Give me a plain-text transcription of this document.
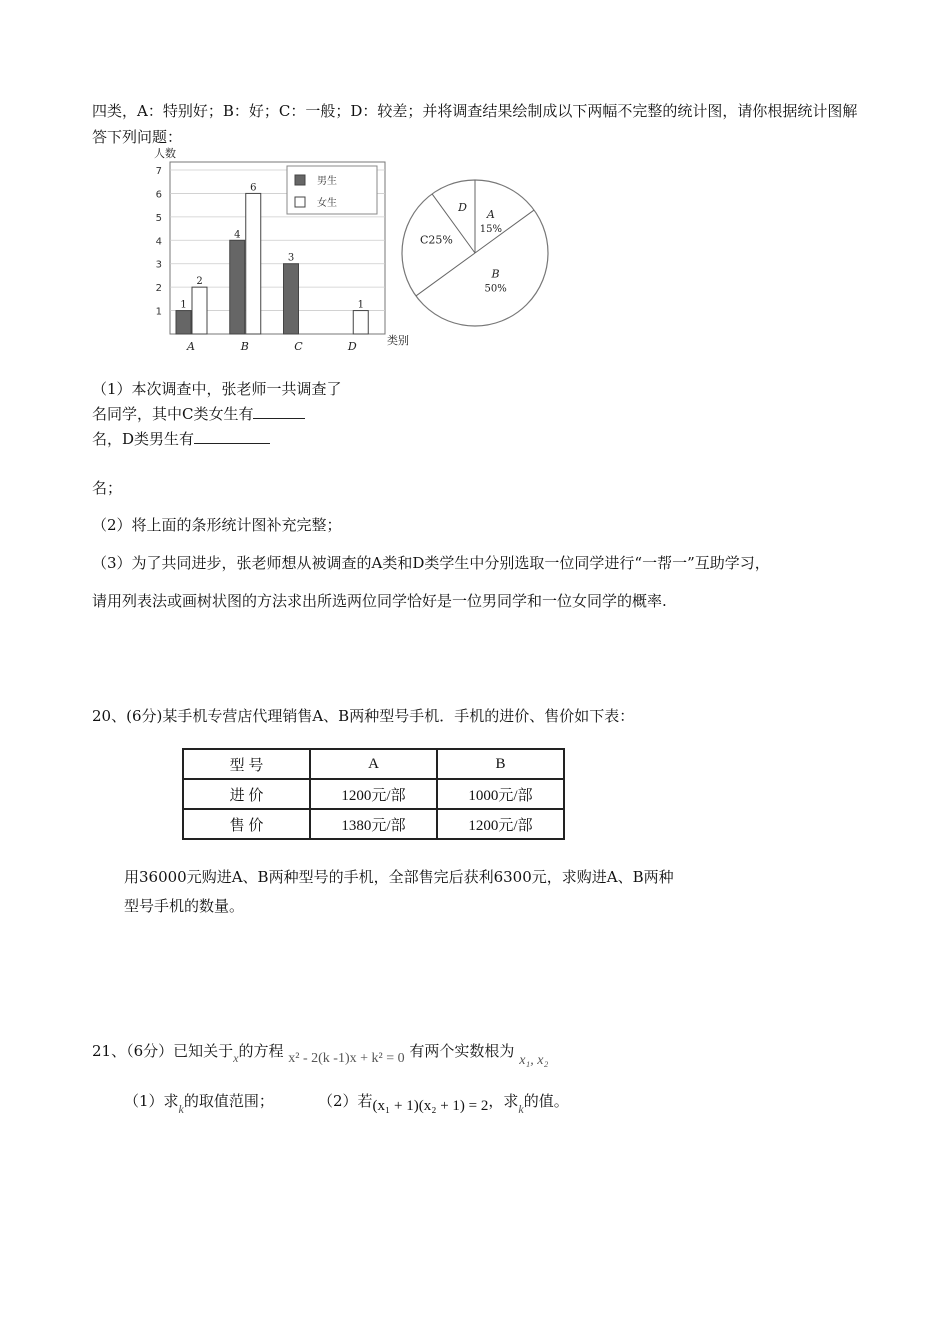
四类，A：特别好；B：好；C：一般；D：较差；并将调查结果绘制成以下两幅不完整的统计图，请你根据统计图解
答下列问题：
1
2
3
4
5
6
7
人数
类别
1
2
A
4
6
B
3
C
1
D
男生
女生
A
15%
B
50%
C25%
D
（1）本次调查中，张老师一共调查了
名同学，其中C类女生有
名，D类男生有
名；
（2）将上面的条形统计图补充完整；
（3）为了共同进步，张老师想从被调查的A类和D类学生中分别选取一位同学进行“一帮一”互助学习，
请用列表法或画树状图的方法求出所选两位同学恰好是一位男同学和一位女同学的概率.
20、(6分)某手机专营店代理销售A、B两种型号手机．手机的进价、售价如下表：
型 号	A	B
进 价	1200元/部	1000元/部
售 价	1380元/部	1200元/部
用36000元购进A、B两种型号的手机，全部售完后获利6300元，求购进A、B两种
型号手机的数量。
21、（6分）已知关于$_x$的方程 x² - 2(k -1)x + k² = 0 有两个实数根为 x₁, x₂
（1）求$_k$的取值范围；	（2）若(x₁ + 1)(x₂ + 1) = 2，求$_k$的值。
